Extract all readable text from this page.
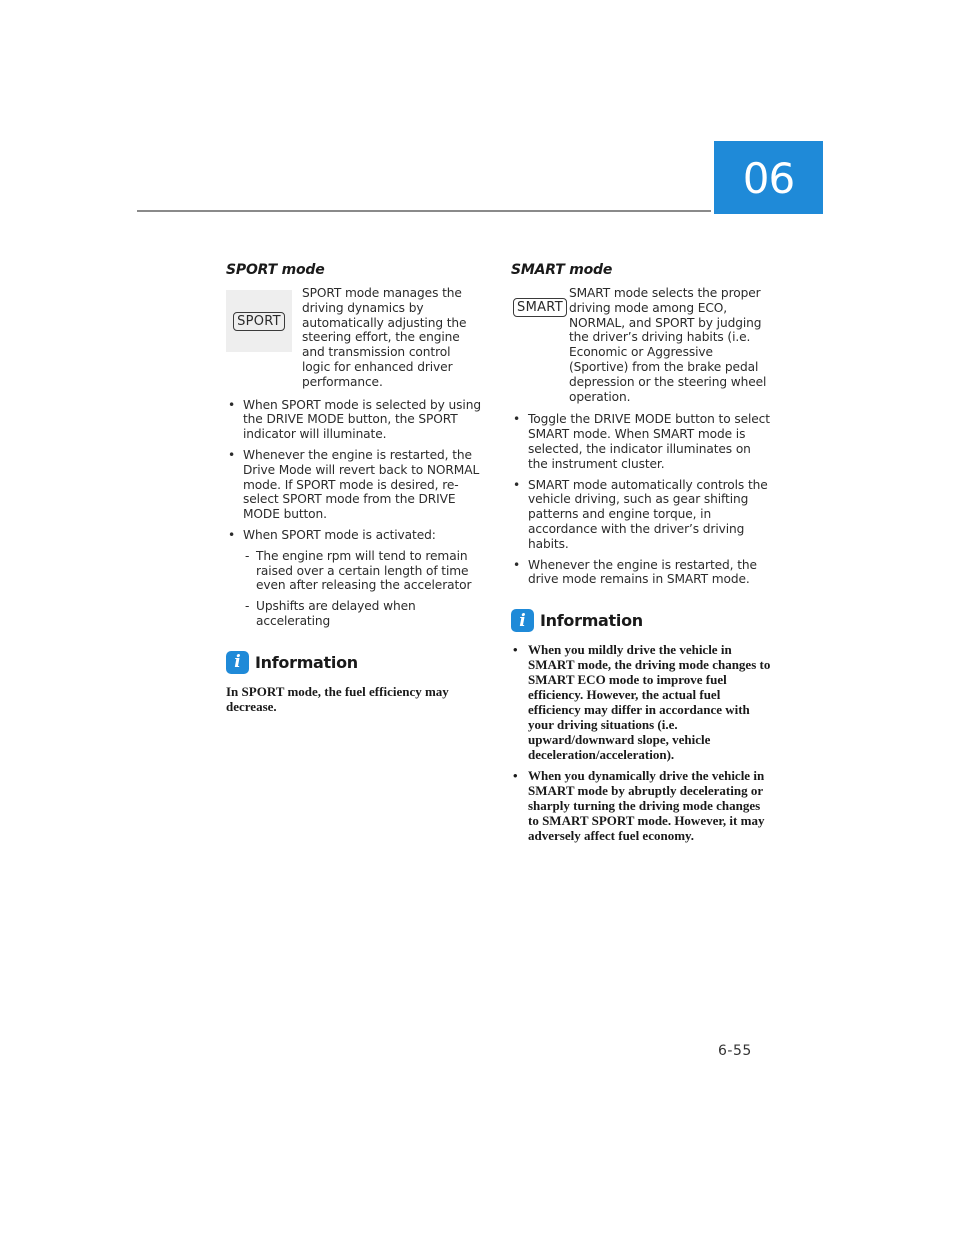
06
SPORT mode
SPORT

SPORT mode manages the driving dynamics by automatically adjusting the steering effort, the engine and transmission control logic for enhanced driver performance.

• When SPORT mode is selected by using the DRIVE MODE button, the SPORT indicator will illuminate.
• Whenever the engine is restarted, the Drive Mode will revert back to NORMAL mode. If SPORT mode is desired, re-select SPORT mode from the DRIVE MODE button.
• When SPORT mode is activated:
- The engine rpm will tend to remain raised over a certain length of time even after releasing the accelerator
- Upshifts are delayed when accelerating
i Information

In SPORT mode, the fuel efficiency may decrease.

SMART mode
SMART

SMART mode selects the proper driving mode among ECO, NORMAL, and SPORT by judging the driver’s driving habits (i.e. Economic or Aggressive (Sportive) from the brake pedal depression or the steering wheel operation.

• Toggle the DRIVE MODE button to select SMART mode. When SMART mode is selected, the indicator illuminates on the instrument cluster.
• SMART mode automatically controls the vehicle driving, such as gear shifting patterns and engine torque, in accordance with the driver’s driving habits.
• Whenever the engine is restarted, the drive mode remains in SMART mode.
i Information
• When you mildly drive the vehicle in SMART mode, the driving mode changes to SMART ECO mode to improve fuel efficiency. However, the actual fuel efficiency may differ in accordance with your driving situations (i.e. upward/downward slope, vehicle deceleration/acceleration).
• When you dynamically drive the vehicle in SMART mode by abruptly decelerating or sharply turning the driving mode changes to SMART SPORT mode. However, it may adversely affect fuel economy.
6-55
